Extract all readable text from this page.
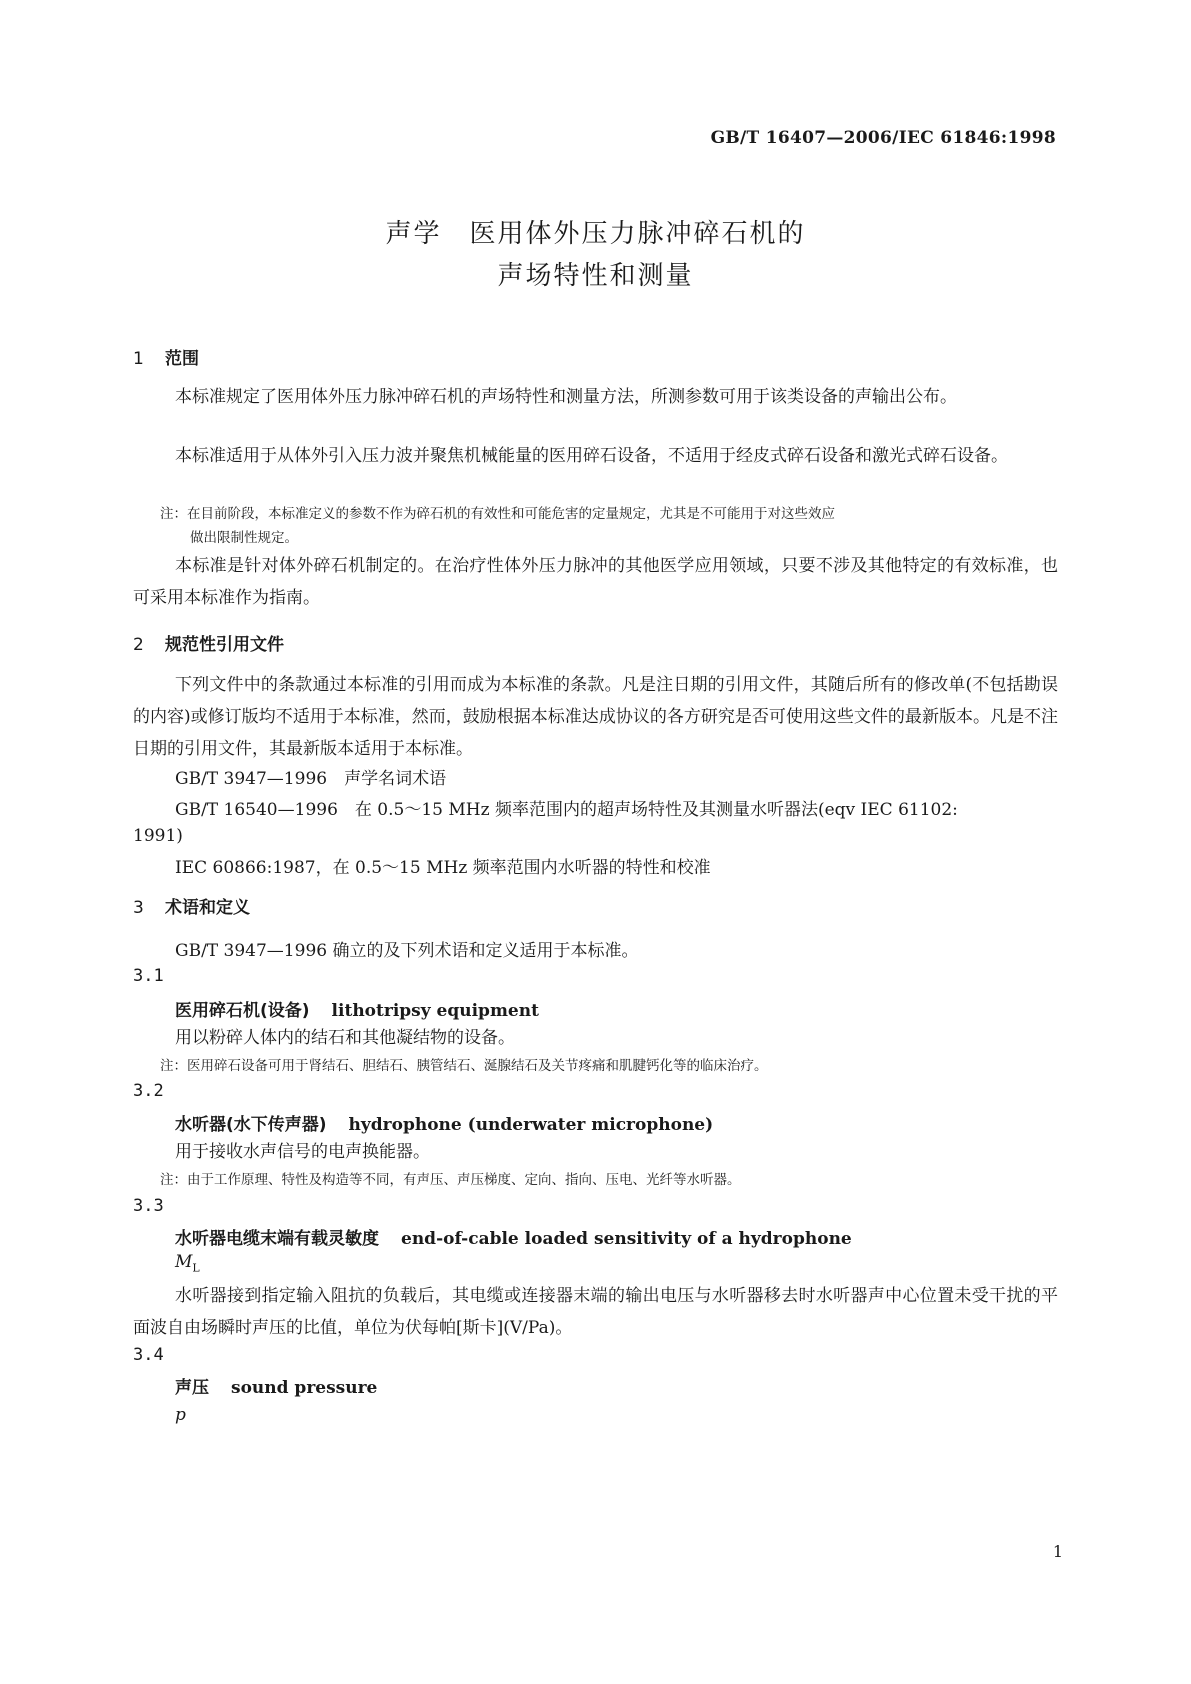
GB/T 16407—2006/IEC 61846:1998
声学　医用体外压力脉冲碎石机的
声场特性和测量
1 范围
本标准规定了医用体外压力脉冲碎石机的声场特性和测量方法，所测参数可用于该类设备的声输出公布。
本标准适用于从体外引入压力波并聚焦机械能量的医用碎石设备，不适用于经皮式碎石设备和激光式碎石设备。
注：在目前阶段，本标准定义的参数不作为碎石机的有效性和可能危害的定量规定，尤其是不可能用于对这些效应
做出限制性规定。
本标准是针对体外碎石机制定的。在治疗性体外压力脉冲的其他医学应用领域，只要不涉及其他特定的有效标准，也可采用本标准作为指南。
2 规范性引用文件
下列文件中的条款通过本标准的引用而成为本标准的条款。凡是注日期的引用文件，其随后所有的修改单(不包括勘误的内容)或修订版均不适用于本标准，然而，鼓励根据本标准达成协议的各方研究是否可使用这些文件的最新版本。凡是不注日期的引用文件，其最新版本适用于本标准。
GB/T 3947—1996　声学名词术语
GB/T 16540—1996　在 0.5～15 MHz 频率范围内的超声场特性及其测量水听器法(eqv IEC 61102:
1991)
IEC 60866:1987，在 0.5～15 MHz 频率范围内水听器的特性和校准
3 术语和定义
GB/T 3947—1996 确立的及下列术语和定义适用于本标准。
3.1
医用碎石机(设备) lithotripsy equipment
用以粉碎人体内的结石和其他凝结物的设备。
注：医用碎石设备可用于肾结石、胆结石、胰管结石、涎腺结石及关节疼痛和肌腱钙化等的临床治疗。
3.2
水听器(水下传声器) hydrophone (underwater microphone)
用于接收水声信号的电声换能器。
注：由于工作原理、特性及构造等不同，有声压、声压梯度、定向、指向、压电、光纤等水听器。
3.3
水听器电缆末端有载灵敏度 end-of-cable loaded sensitivity of a hydrophone
$M_L$
水听器接到指定输入阻抗的负载后，其电缆或连接器末端的输出电压与水听器移去时水听器声中心位置未受干扰的平面波自由场瞬时声压的比值，单位为伏每帕[斯卡](V/Pa)。
3.4
声压 sound pressure
p
1
